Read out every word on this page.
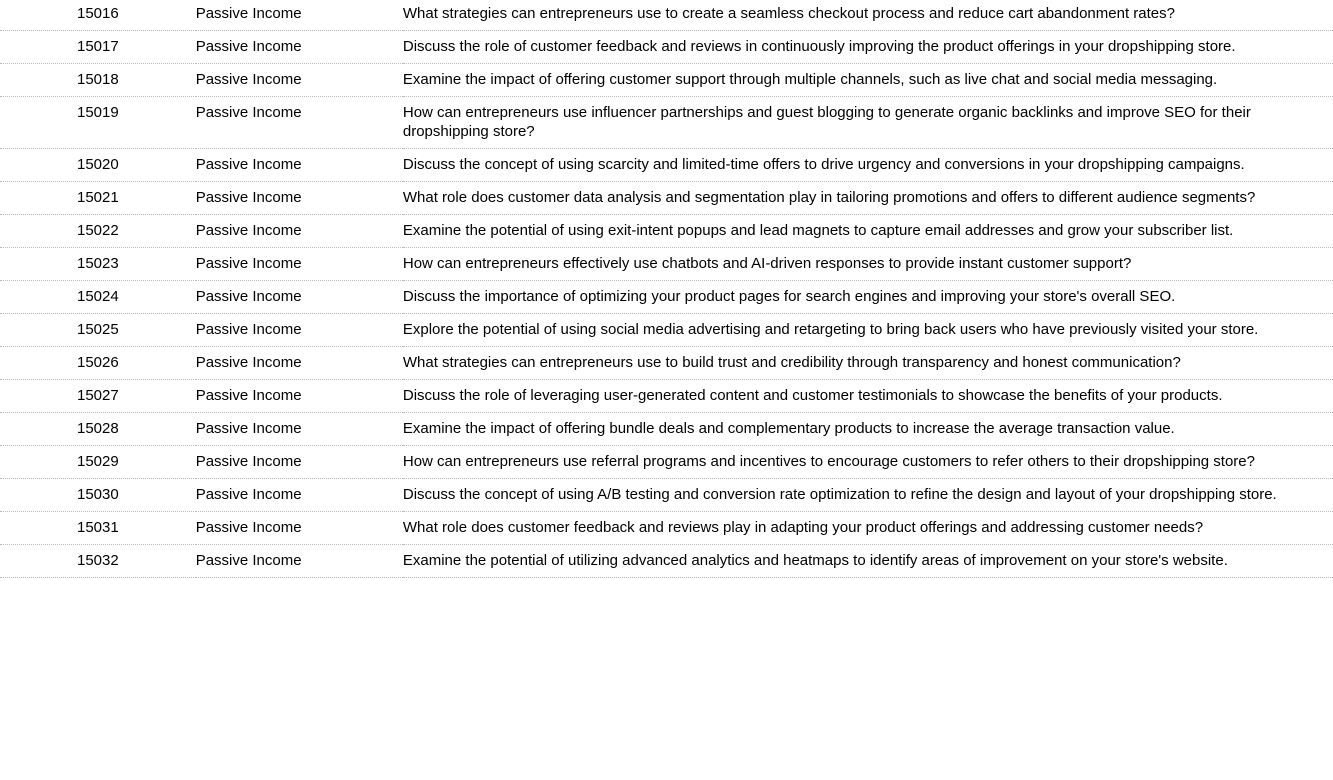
15016	Passive Income	What strategies can entrepreneurs use to create a seamless checkout process and reduce cart abandonment rates?
15017	Passive Income	Discuss the role of customer feedback and reviews in continuously improving the product offerings in your dropshipping store.
15018	Passive Income	Examine the impact of offering customer support through multiple channels, such as live chat and social media messaging.
15019	Passive Income	How can entrepreneurs use influencer partnerships and guest blogging to generate organic backlinks and improve SEO for their dropshipping store?
15020	Passive Income	Discuss the concept of using scarcity and limited-time offers to drive urgency and conversions in your dropshipping campaigns.
15021	Passive Income	What role does customer data analysis and segmentation play in tailoring promotions and offers to different audience segments?
15022	Passive Income	Examine the potential of using exit-intent popups and lead magnets to capture email addresses and grow your subscriber list.
15023	Passive Income	How can entrepreneurs effectively use chatbots and AI-driven responses to provide instant customer support?
15024	Passive Income	Discuss the importance of optimizing your product pages for search engines and improving your store's overall SEO.
15025	Passive Income	Explore the potential of using social media advertising and retargeting to bring back users who have previously visited your store.
15026	Passive Income	What strategies can entrepreneurs use to build trust and credibility through transparency and honest communication?
15027	Passive Income	Discuss the role of leveraging user-generated content and customer testimonials to showcase the benefits of your products.
15028	Passive Income	Examine the impact of offering bundle deals and complementary products to increase the average transaction value.
15029	Passive Income	How can entrepreneurs use referral programs and incentives to encourage customers to refer others to their dropshipping store?
15030	Passive Income	Discuss the concept of using A/B testing and conversion rate optimization to refine the design and layout of your dropshipping store.
15031	Passive Income	What role does customer feedback and reviews play in adapting your product offerings and addressing customer needs?
15032	Passive Income	Examine the potential of utilizing advanced analytics and heatmaps to identify areas of improvement on your store's website.
